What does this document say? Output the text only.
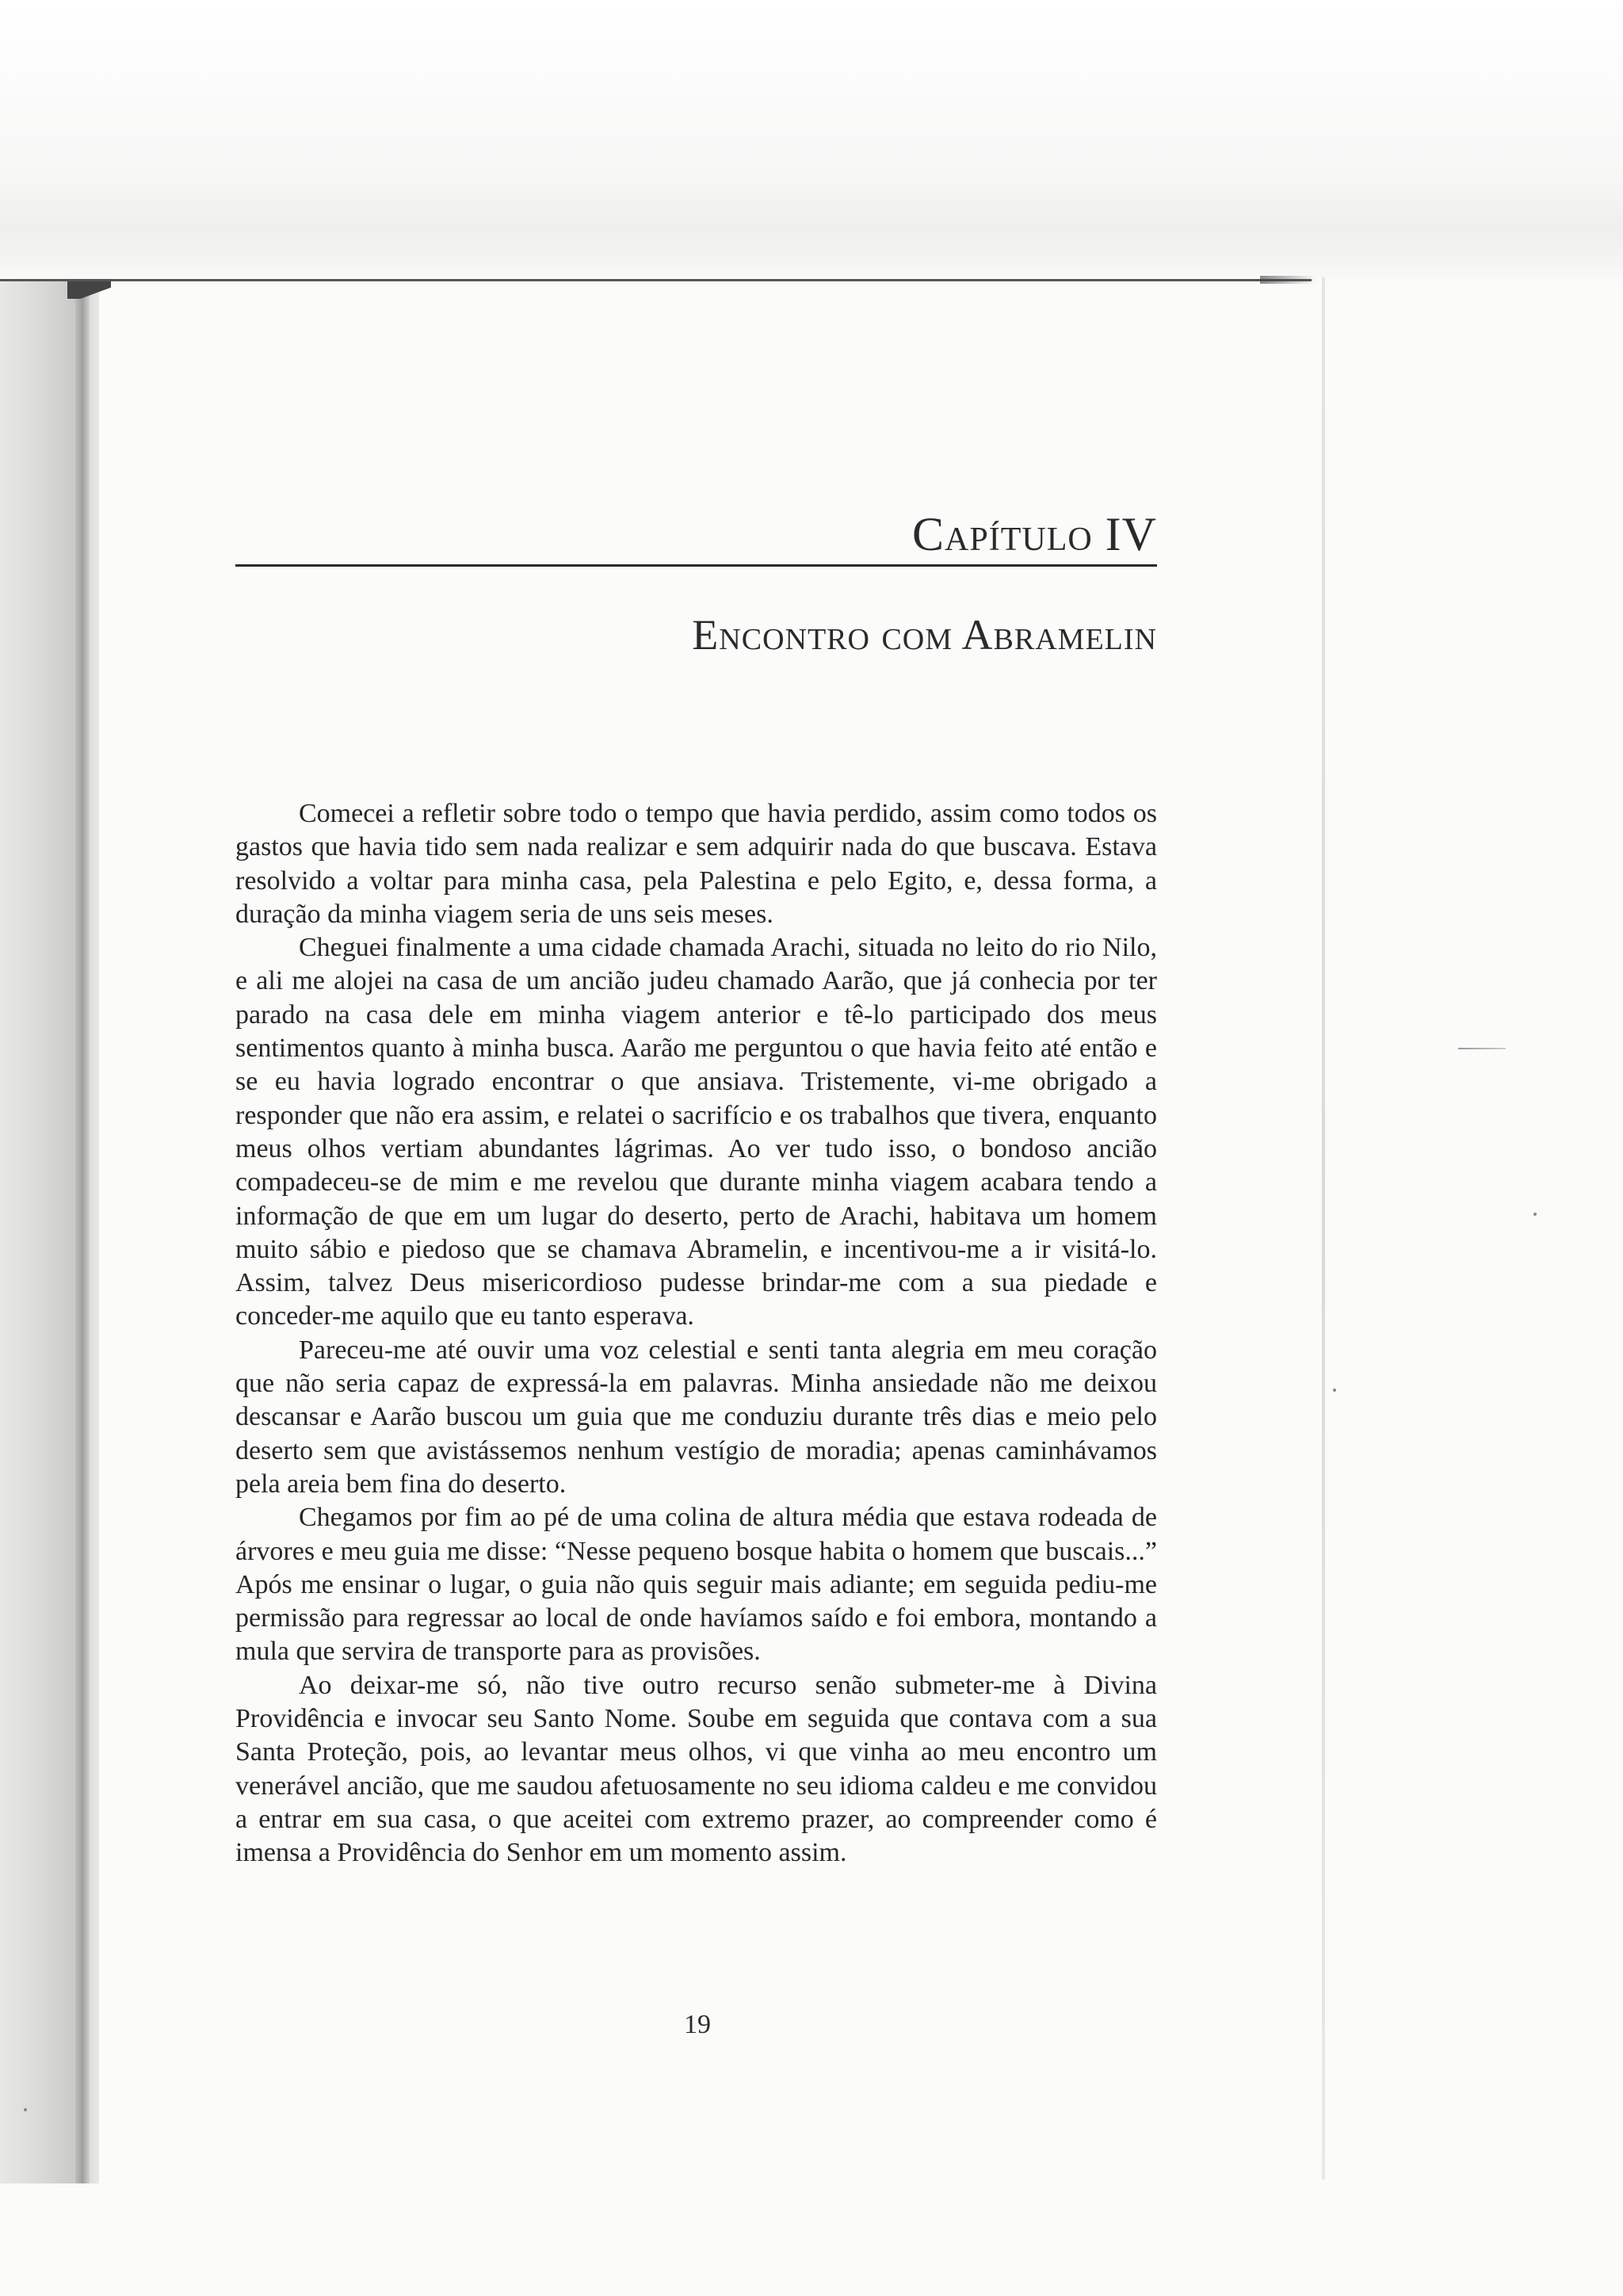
Capítulo IV
Encontro com Abramelin

Comecei a refletir sobre todo o tempo que havia perdido, assim como todos os gastos que havia tido sem nada realizar e sem adquirir nada do que buscava. Estava resolvido a voltar para minha casa, pela Palestina e pelo Egito, e, dessa forma, a duração da minha viagem seria de uns seis meses.

Cheguei finalmente a uma cidade chamada Arachi, situada no leito do rio Nilo, e ali me alojei na casa de um ancião judeu chamado Aarão, que já conhecia por ter parado na casa dele em minha viagem anterior e tê-lo participado dos meus sentimentos quanto à minha busca. Aarão me perguntou o que havia feito até então e se eu havia logrado encontrar o que ansiava. Tristemente, vi-me obrigado a responder que não era assim, e relatei o sacrifício e os trabalhos que tivera, enquanto meus olhos vertiam abundantes lágrimas. Ao ver tudo isso, o bondoso ancião compadeceu-se de mim e me revelou que durante minha viagem acabara tendo a informação de que em um lugar do deserto, perto de Arachi, habitava um homem muito sábio e piedoso que se chamava Abramelin, e incentivou-me a ir visitá-lo. Assim, talvez Deus misericordioso pudesse brindar-me com a sua piedade e conceder-me aquilo que eu tanto esperava.

Pareceu-me até ouvir uma voz celestial e senti tanta alegria em meu coração que não seria capaz de expressá-la em palavras. Minha ansiedade não me deixou descansar e Aarão buscou um guia que me conduziu durante três dias e meio pelo deserto sem que avistássemos nenhum vestígio de moradia; apenas caminhávamos pela areia bem fina do deserto.

Chegamos por fim ao pé de uma colina de altura média que estava rodeada de árvores e meu guia me disse: “Nesse pequeno bosque habita o homem que buscais...” Após me ensinar o lugar, o guia não quis seguir mais adiante; em seguida pediu-me permissão para regressar ao local de onde havíamos saído e foi embora, montando a mula que servira de transporte para as provisões.

Ao deixar-me só, não tive outro recurso senão submeter-me à Divina Providência e invocar seu Santo Nome. Soube em seguida que contava com a sua Santa Proteção, pois, ao levantar meus olhos, vi que vinha ao meu encontro um venerável ancião, que me saudou afetuosamente no seu idioma caldeu e me convidou a entrar em sua casa, o que aceitei com extremo prazer, ao compreender como é imensa a Providência do Senhor em um momento assim.

19
